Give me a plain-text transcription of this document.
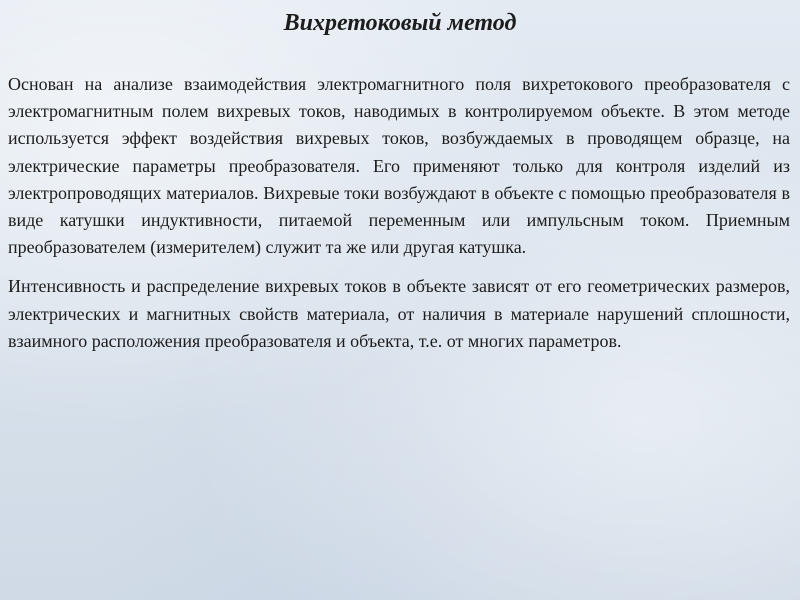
Вихретоковый метод

Основан на анализе взаимодействия электромагнитного поля вихретокового преобразователя с электромагнитным полем вихревых токов, наводимых в контролируемом объекте. В этом методе используется эффект воздействия вихревых токов, возбуждаемых в проводящем образце, на электрические параметры преобразователя. Его применяют только для контроля изделий из электропроводящих материалов. Вихревые токи возбуждают в объекте с помощью преобразователя в виде катушки индуктивности, питаемой переменным или импульсным током. Приемным преобразователем (измерителем) служит та же или другая катушка.

Интенсивность и распределение вихревых токов в объекте зависят от его геометрических размеров, электрических и магнитных свойств материала, от наличия в материале нарушений сплошности, взаимного расположения преобразователя и объекта, т.е. от многих параметров.
